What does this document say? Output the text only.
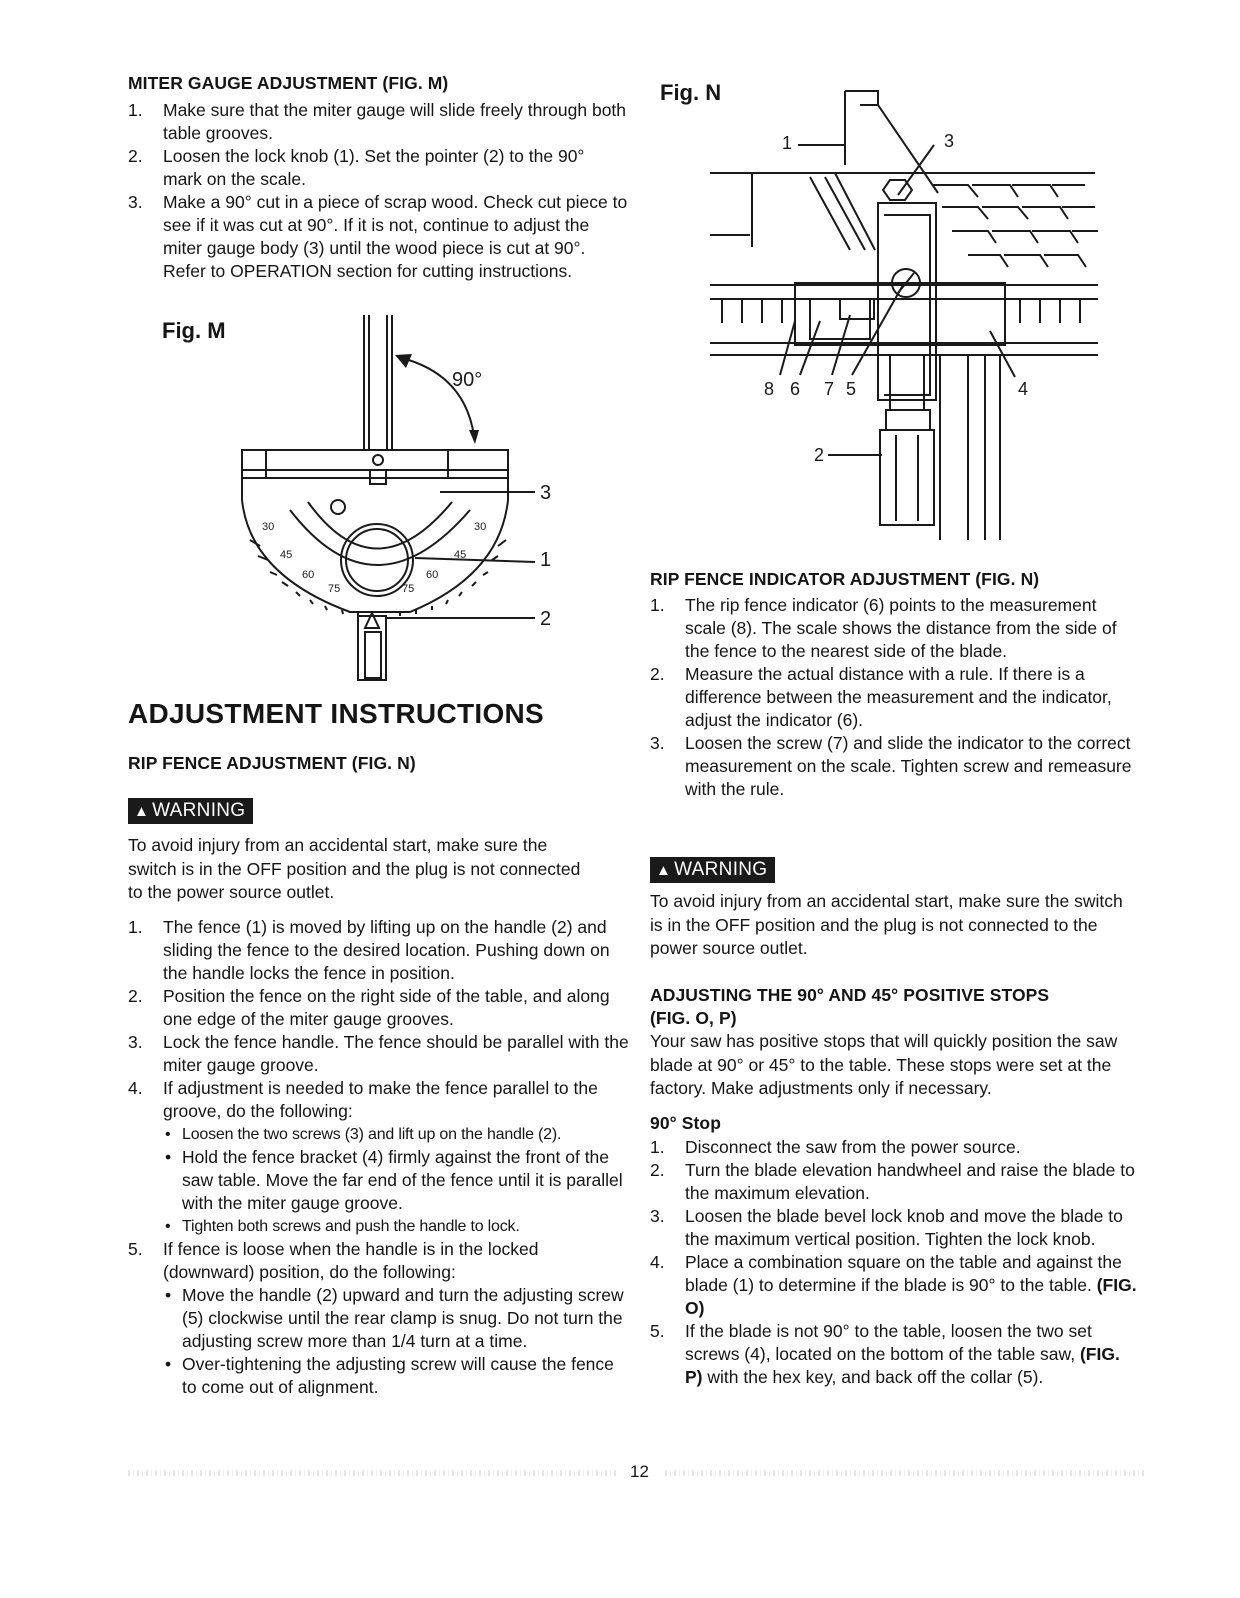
MITER GAUGE ADJUSTMENT (FIG. M)
1. Make sure that the miter gauge will slide freely through both table grooves.
2. Loosen the lock knob (1). Set the pointer (2) to the 90° mark on the scale.
3. Make a 90° cut in a piece of scrap wood. Check cut piece to see if it was cut at 90°. If it is not, continue to adjust the miter gauge body (3) until the wood piece is cut at 90°. Refer to OPERATION section for cutting instructions.
Fig. M
30
45
60
75	75
60
45
30
90°
3
1
2
ADJUSTMENT INSTRUCTIONS
RIP FENCE ADJUSTMENT (FIG. N)
▲ WARNING
To avoid injury from an accidental start, make sure the switch is in the OFF position and the plug is not connected to the power source outlet.
1. The fence (1) is moved by lifting up on the handle (2) and sliding the fence to the desired location. Pushing down on the handle locks the fence in position.
2. Position the fence on the right side of the table, and along one edge of the miter gauge grooves.
3. Lock the fence handle. The fence should be parallel with the miter gauge groove.
4. If adjustment is needed to make the fence parallel to the groove, do the following:
• Loosen the two screws (3) and lift up on the handle (2).
• Hold the fence bracket (4) firmly against the front of the saw table. Move the far end of the fence until it is parallel with the miter gauge groove.
• Tighten both screws and push the handle to lock.
5. If fence is loose when the handle is in the locked (downward) position, do the following:
• Move the handle (2) upward and turn the adjusting screw (5) clockwise until the rear clamp is snug. Do not turn the adjusting screw more than 1/4 turn at a time.
• Over-tightening the adjusting screw will cause the fence to come out of alignment.
Fig. N
1	3
8 6 7 5	4
2
RIP FENCE INDICATOR ADJUSTMENT (FIG. N)
1. The rip fence indicator (6) points to the measurement scale (8). The scale shows the distance from the side of the fence to the nearest side of the blade.
2. Measure the actual distance with a rule. If there is a difference between the measurement and the indicator, adjust the indicator (6).
3. Loosen the screw (7) and slide the indicator to the correct measurement on the scale. Tighten screw and remeasure with the rule.
▲ WARNING
To avoid injury from an accidental start, make sure the switch is in the OFF position and the plug is not connected to the power source outlet.
ADJUSTING THE 90° AND 45° POSITIVE STOPS
(FIG. O, P)
Your saw has positive stops that will quickly position the saw blade at 90° or 45° to the table. These stops were set at the factory. Make adjustments only if necessary.
90° Stop
1. Disconnect the saw from the power source.
2. Turn the blade elevation handwheel and raise the blade to the maximum elevation.
3. Loosen the blade bevel lock knob and move the blade to the maximum vertical position. Tighten the lock knob.
4. Place a combination square on the table and against the blade (1) to determine if the blade is 90° to the table. (FIG. O)
5. If the blade is not 90° to the table, loosen the two set screws (4), located on the bottom of the table saw, (FIG. P) with the hex key, and back off the collar (5).
12
